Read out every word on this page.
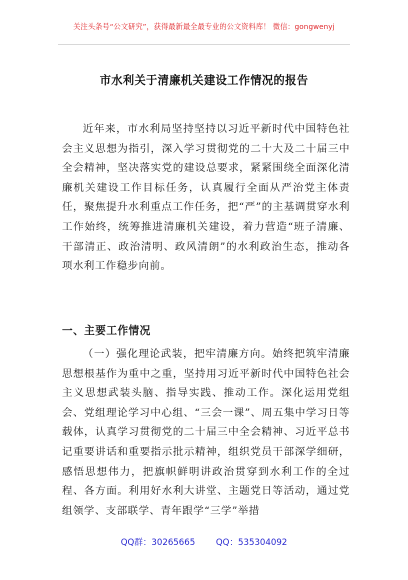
关注头条号“公文研究”，获得最新最全最专业的公文资料库！ 微信：gongwenyj
市水利关于清廉机关建设工作情况的报告

近年来，市水利局坚持坚持以习近平新时代中国特色社会主义思想为指引，深入学习贯彻党的二十大及二十届三中全会精神，坚决落实党的建设总要求，紧紧围绕全面深化清廉机关建设工作目标任务，认真履行全面从严治党主体责任，聚焦提升水利重点工作任务，把“严”的主基调贯穿水利工作始终，统筹推进清廉机关建设，着力营造“班子清廉、干部清正、政治清明、政风清朗”的水利政治生态，推动各项水利工作稳步向前。

一、主要工作情况

（一）强化理论武装，把牢清廉方向。始终把筑牢清廉思想根基作为重中之重，坚持用习近平新时代中国特色社会主义思想武装头脑、指导实践、推动工作。深化运用党组会、党组理论学习中心组、“三会一课”、周五集中学习日等载体，认真学习贯彻党的二十届三中全会精神、习近平总书记重要讲话和重要指示批示精神，组织党员干部深学细研，感悟思想伟力，把旗帜鲜明讲政治贯穿到水利工作的全过程、各方面。利用好水利大讲堂、主题党日等活动，通过党组领学、支部联学、青年跟学“三学”举措

QQ群：30265665 QQ：535304092
